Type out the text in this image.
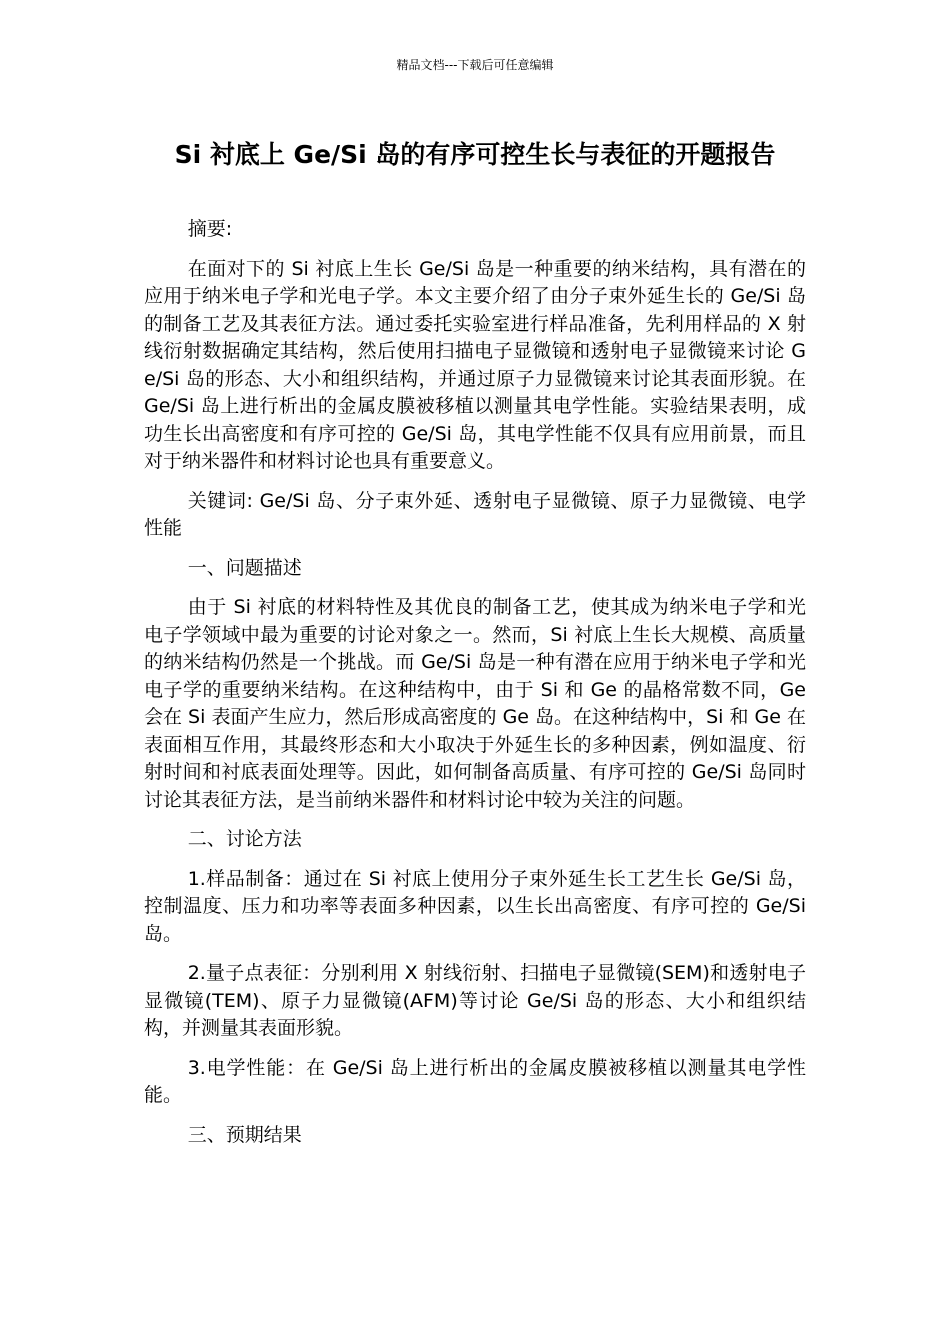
精品文档---下载后可任意编辑
Si 衬底上 Ge/Si 岛的有序可控生长与表征的开题报告

摘要:

在面对下的 Si 衬底上生长 Ge/Si 岛是一种重要的纳米结构，具有潜在的应用于纳米电子学和光电子学。本文主要介绍了由分子束外延生长的 Ge/Si 岛的制备工艺及其表征方法。通过委托实验室进行样品准备，先利用样品的 X 射线衍射数据确定其结构，然后使用扫描电子显微镜和透射电子显微镜来讨论 Ge/Si 岛的形态、大小和组织结构，并通过原子力显微镜来讨论其表面形貌。在 Ge/Si 岛上进行析出的金属皮膜被移植以测量其电学性能。实验结果表明，成功生长出高密度和有序可控的 Ge/Si 岛，其电学性能不仅具有应用前景，而且对于纳米器件和材料讨论也具有重要意义。

关键词: Ge/Si 岛、分子束外延、透射电子显微镜、原子力显微镜、电学性能

一、问题描述

由于 Si 衬底的材料特性及其优良的制备工艺，使其成为纳米电子学和光电子学领域中最为重要的讨论对象之一。然而，Si 衬底上生长大规模、高质量的纳米结构仍然是一个挑战。而 Ge/Si 岛是一种有潜在应用于纳米电子学和光电子学的重要纳米结构。在这种结构中，由于 Si 和 Ge 的晶格常数不同，Ge 会在 Si 表面产生应力，然后形成高密度的 Ge 岛。在这种结构中，Si 和 Ge 在表面相互作用，其最终形态和大小取决于外延生长的多种因素，例如温度、衍射时间和衬底表面处理等。因此，如何制备高质量、有序可控的 Ge/Si 岛同时讨论其表征方法，是当前纳米器件和材料讨论中较为关注的问题。

二、讨论方法

1.样品制备：通过在 Si 衬底上使用分子束外延生长工艺生长 Ge/Si 岛，控制温度、压力和功率等表面多种因素，以生长出高密度、有序可控的 Ge/Si 岛。

2.量子点表征：分别利用 X 射线衍射、扫描电子显微镜(SEM)和透射电子显微镜(TEM)、原子力显微镜(AFM)等讨论 Ge/Si 岛的形态、大小和组织结构，并测量其表面形貌。

3.电学性能：在 Ge/Si 岛上进行析出的金属皮膜被移植以测量其电学性能。

三、预期结果
